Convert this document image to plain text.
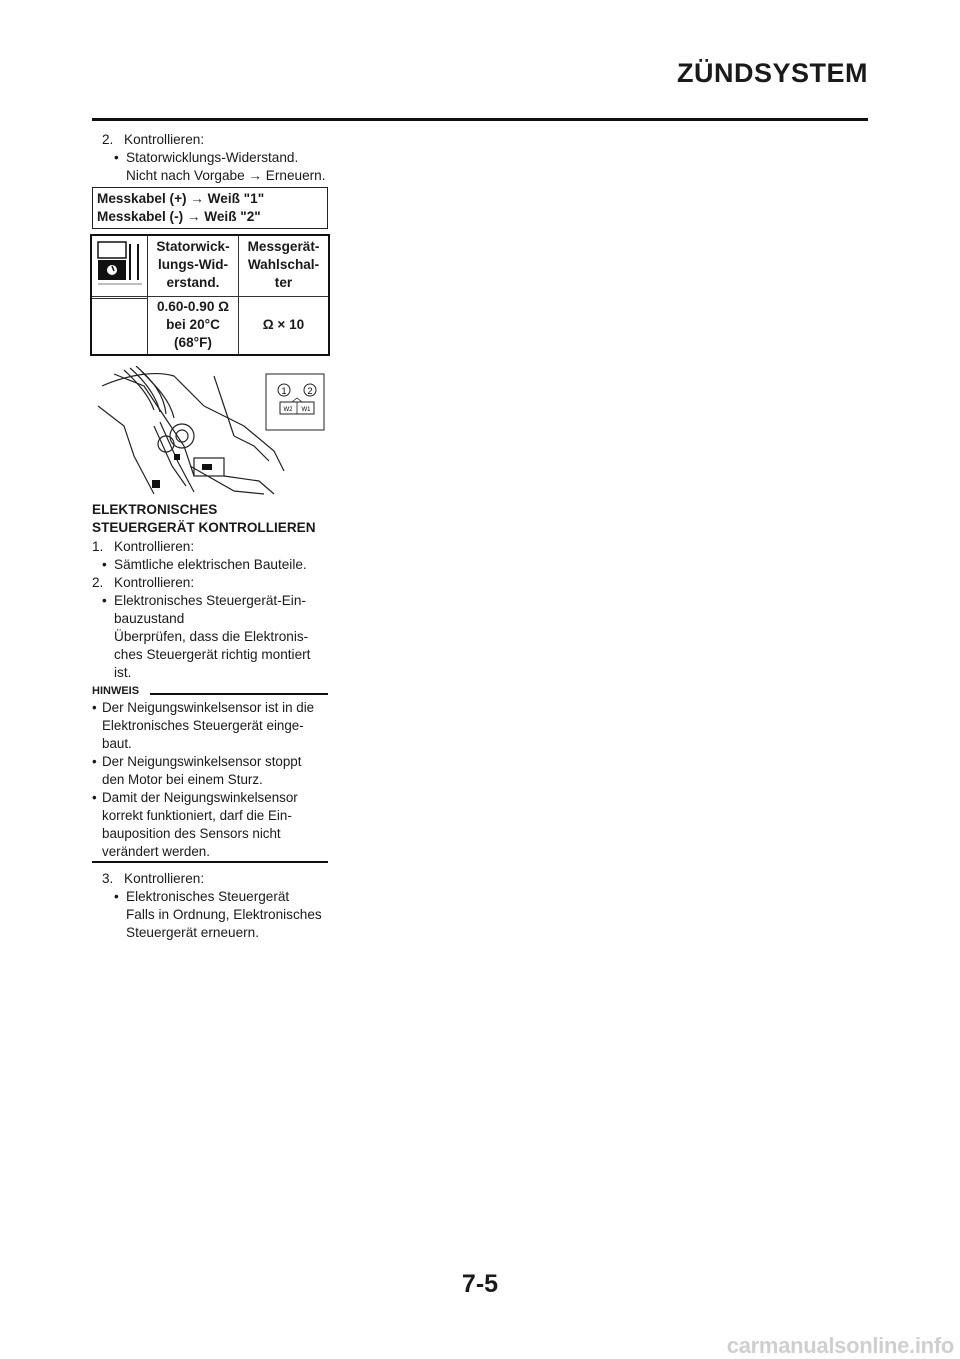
ZÜNDSYSTEM
2. Kontrollieren:
• Statorwicklungs-Widerstand.
Nicht nach Vorgabe → Erneuern.
Messkabel (+) → Weiß "1"
Messkabel (-) → Weiß "2"
Statorwick-
lungs-Wid-
erstand.
Messgerät-
Wahlschal-
ter
0.60-0.90 Ω
bei 20°C
(68°F)
Ω × 10
1 2
W2 W1
ELEKTRONISCHES
STEUERGERÄT KONTROLLIEREN
1. Kontrollieren:
• Sämtliche elektrischen Bauteile.
2. Kontrollieren:
• Elektronisches Steuergerät-Ein-
bauzustand
Überprüfen, dass die Elektronis-
ches Steuergerät richtig montiert
ist.
HINWEIS
• Der Neigungswinkelsensor ist in die
Elektronisches Steuergerät einge-
baut.
• Der Neigungswinkelsensor stoppt
den Motor bei einem Sturz.
• Damit der Neigungswinkelsensor
korrekt funktioniert, darf die Ein-
bauposition des Sensors nicht
verändert werden.
3. Kontrollieren:
• Elektronisches Steuergerät
Falls in Ordnung, Elektronisches
Steuergerät erneuern.
7-5
carmanualsonline.info
